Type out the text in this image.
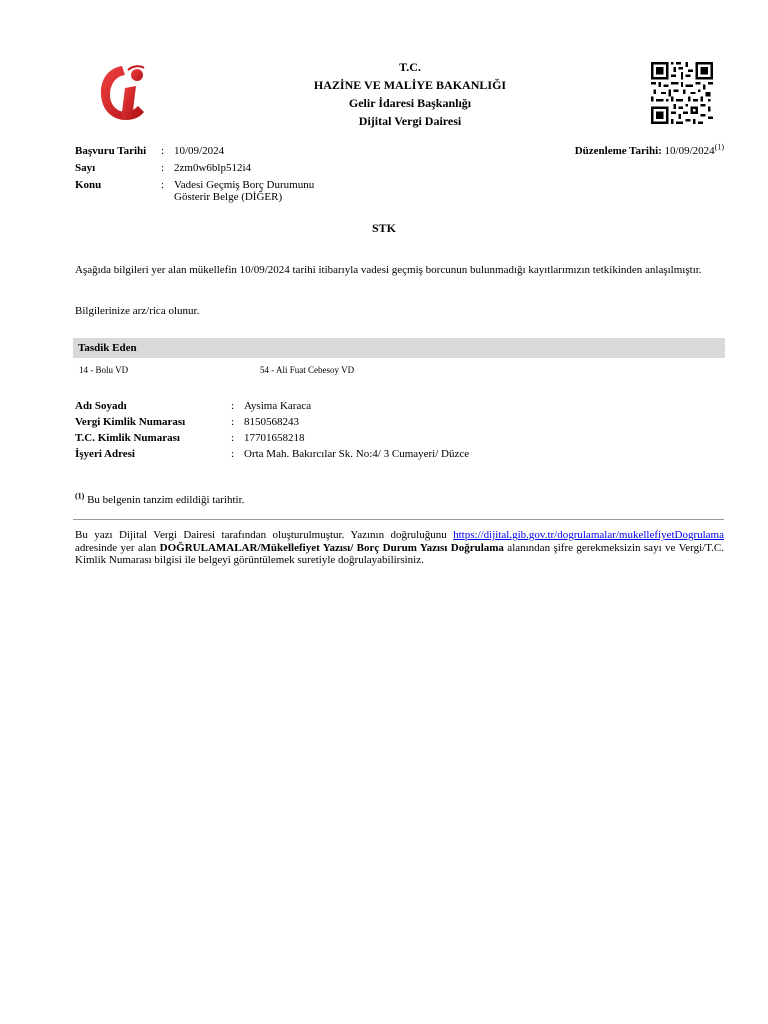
T.C.
HAZİNE VE MALİYE BAKANLIĞI
Gelir İdaresi Başkanlığı
Dijital Vergi Dairesi
Başvuru Tarihi : 10/09/2024
Sayı	: 2zm0w6blp512i4
Konu	: Vadesi Geçmiş Borç Durumunu
Gösterir Belge (DİĞER)
Düzenleme Tarihi: 10/09/2024$^{(1)}$
STK
Aşağıda bilgileri yer alan mükellefin 10/09/2024 tarihi itibarıyla vadesi geçmiş borcunun bulunmadığı kayıtlarımızın tetkikinden anlaşılmıştır.
Bilgilerinize arz/rica olunur.
Tasdik Eden
14 - Bolu VD	54 - Ali Fuat Cebesoy VD
Adı Soyadı	: Aysima Karaca
Vergi Kimlik Numarası	: 8150568243
T.C. Kimlik Numarası	: 17701658218
İşyeri Adresi	: Orta Mah. Bakırcılar Sk. No:4/ 3 Cumayeri/ Düzce
$^{(1)}$ Bu belgenin tanzim edildiği tarihtir.
Bu yazı Dijital Vergi Dairesi tarafından oluşturulmuştur. Yazının doğruluğunu https://dijital.gib.gov.tr/dogrulamalar/mukellefiyetDogrulama adresinde yer alan DOĞRULAMALAR/Mükellefiyet Yazısı/ Borç Durum Yazısı Doğrulama alanından şifre gerekmeksizin sayı ve Vergi/T.C. Kimlik Numarası bilgisi ile belgeyi görüntülemek suretiyle doğrulayabilirsiniz.
